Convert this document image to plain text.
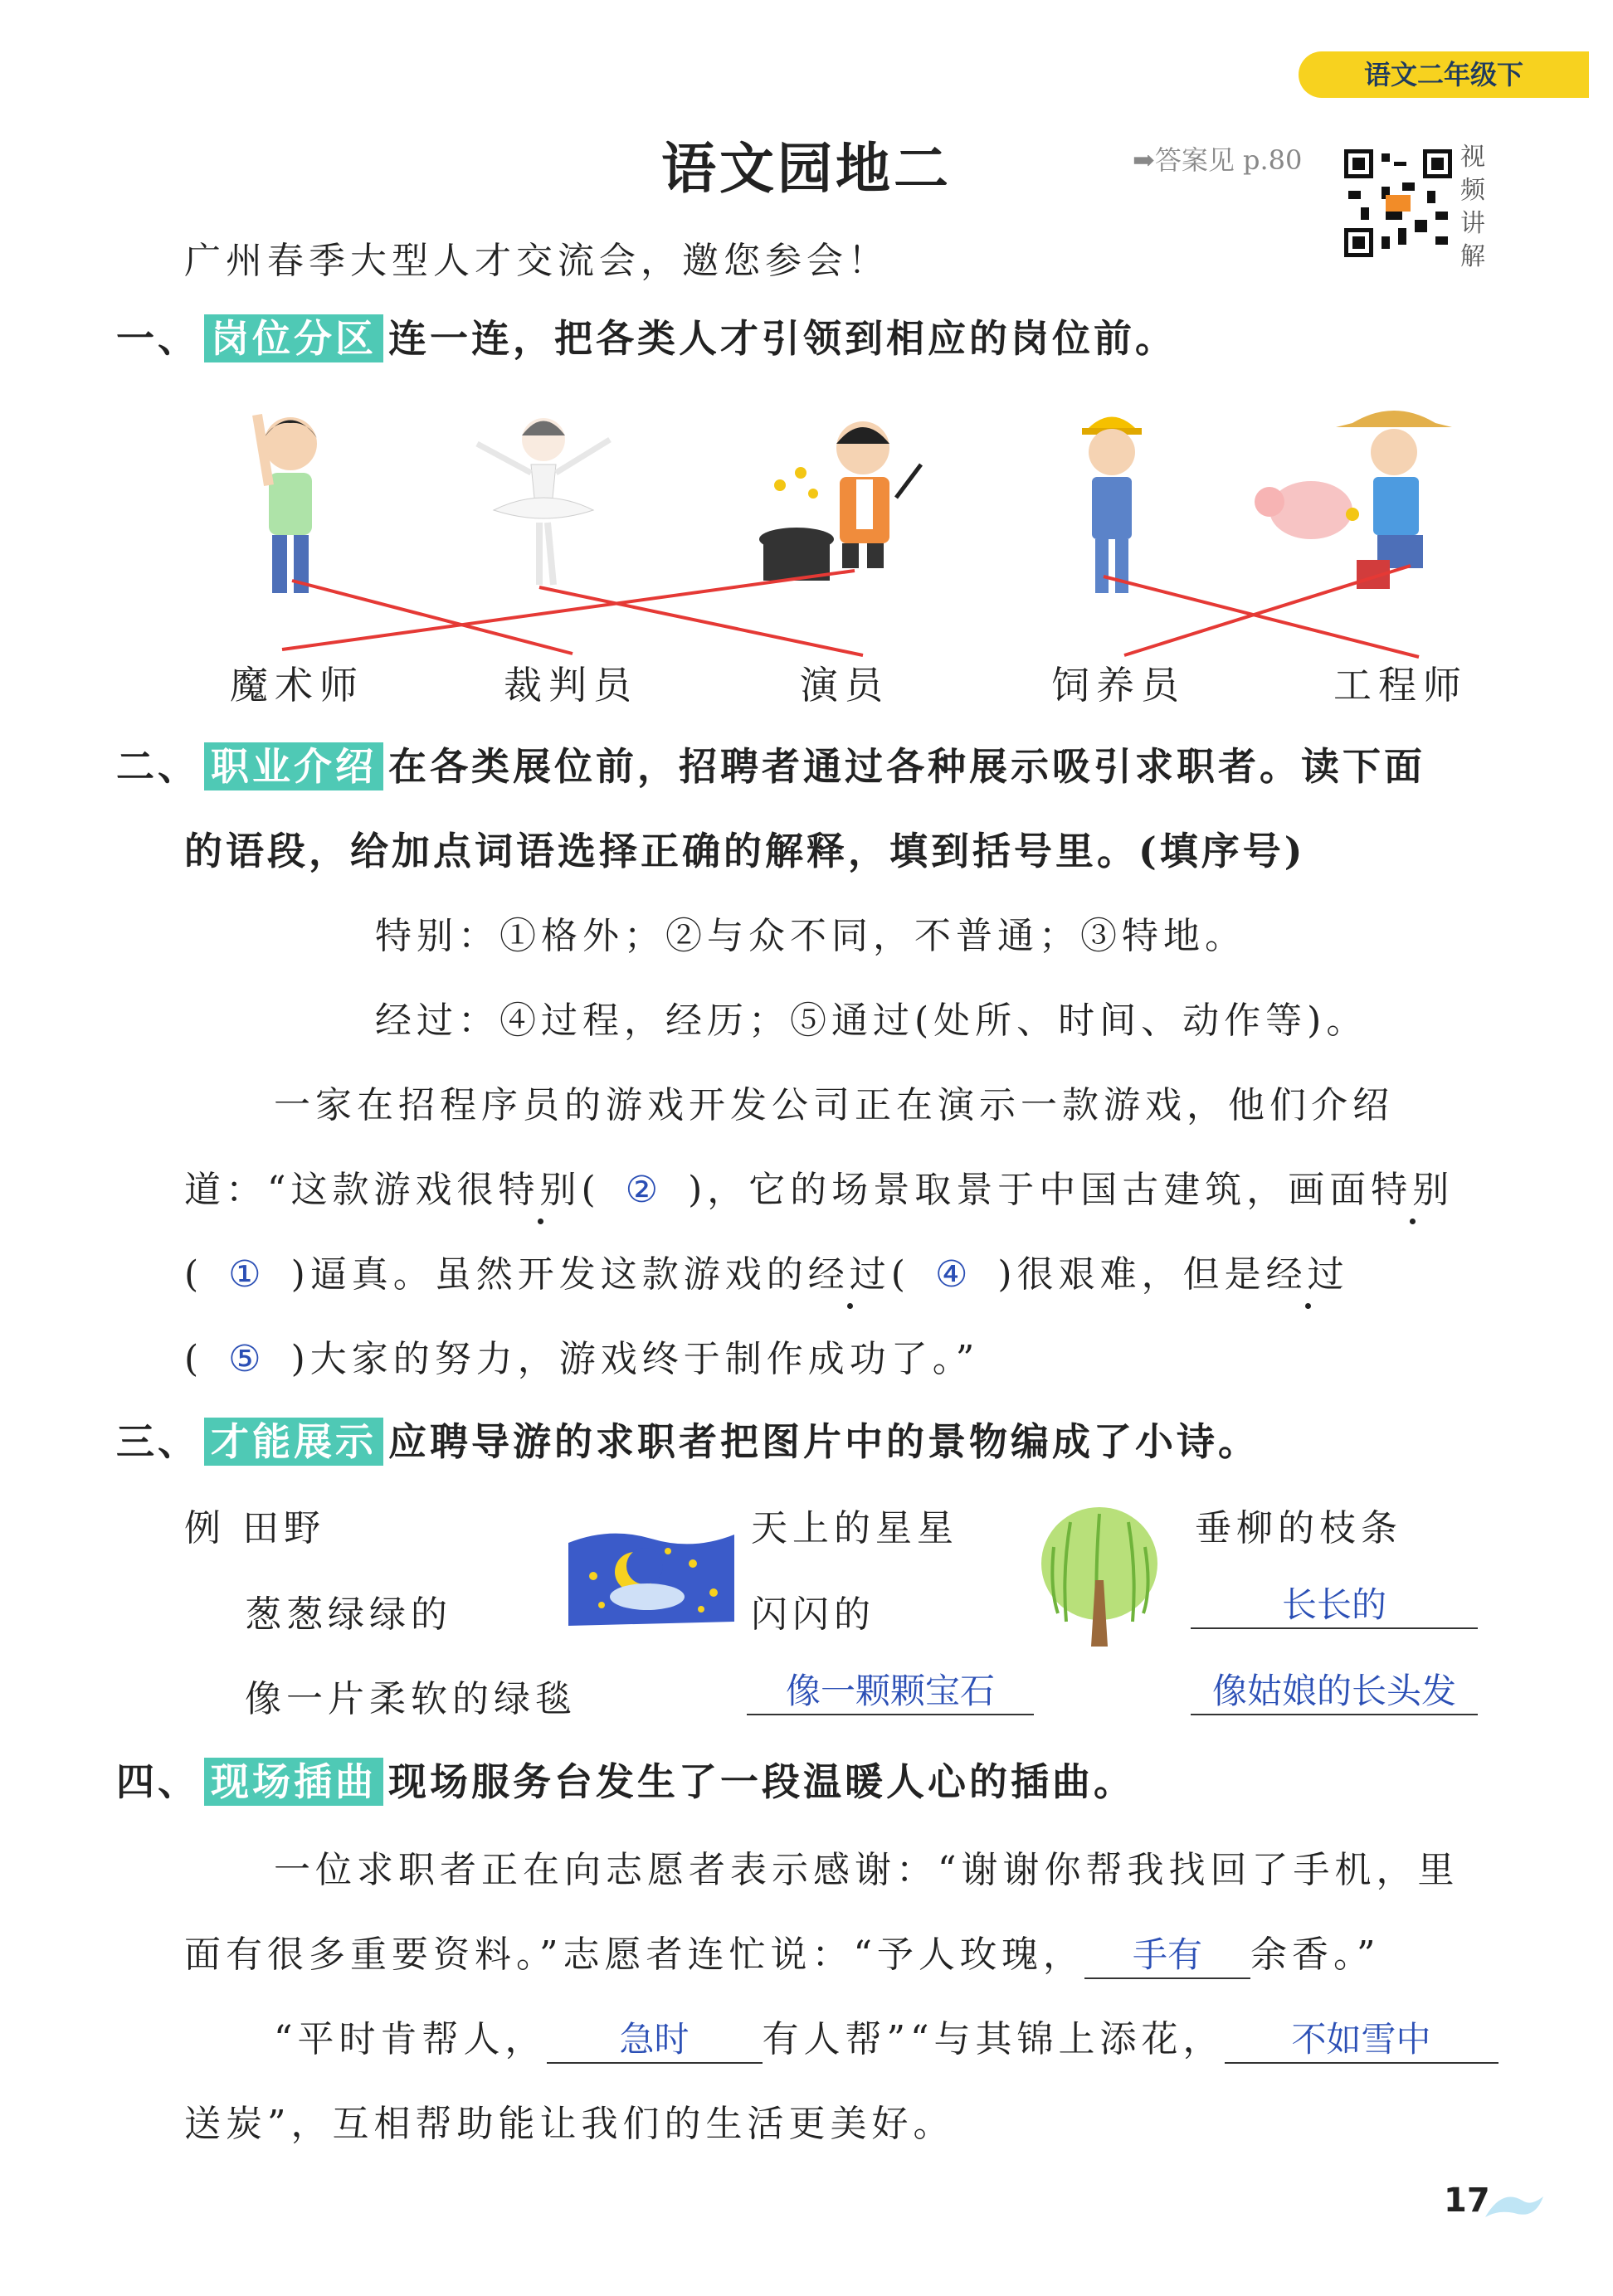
语文二年级下
语文园地二	➡答案见 p.80	视频讲解
广州春季大型人才交流会，邀您参会！
一、 岗位分区 连一连，把各类人才引领到相应的岗位前。
魔术师	裁判员	演员	饲养员	工程师
二、 职业介绍 在各类展位前，招聘者通过各种展示吸引求职者。读下面
的语段，给加点词语选择正确的解释，填到括号里。(填序号)
特别：①格外；②与众不同，不普通；③特地。
经过：④过程，经历；⑤通过(处所、时间、动作等)。
一家在招程序员的游戏开发公司正在演示一款游戏，他们介绍
道：“这款游戏很特别( ② )，它的场景取景于中国古建筑，画面特别
( ① )逼真。虽然开发这款游戏的经过( ④ )很艰难，但是经过
( ⑤ )大家的努力，游戏终于制作成功了。”
三、 才能展示 应聘导游的求职者把图片中的景物编成了小诗。
例 田野
葱葱绿绿的
像一片柔软的绿毯
天上的星星
闪闪的
像一颗颗宝石
垂柳的枝条
长长的
像姑娘的长头发
四、 现场插曲 现场服务台发生了一段温暖人心的插曲。
一位求职者正在向志愿者表示感谢：“谢谢你帮我找回了手机，里
面有很多重要资料。”志愿者连忙说：“予人玫瑰， 手有 余香。”
“平时肯帮人， 急时 有人帮”“与其锦上添花， 不如雪中
送炭”，互相帮助能让我们的生活更美好。
17
